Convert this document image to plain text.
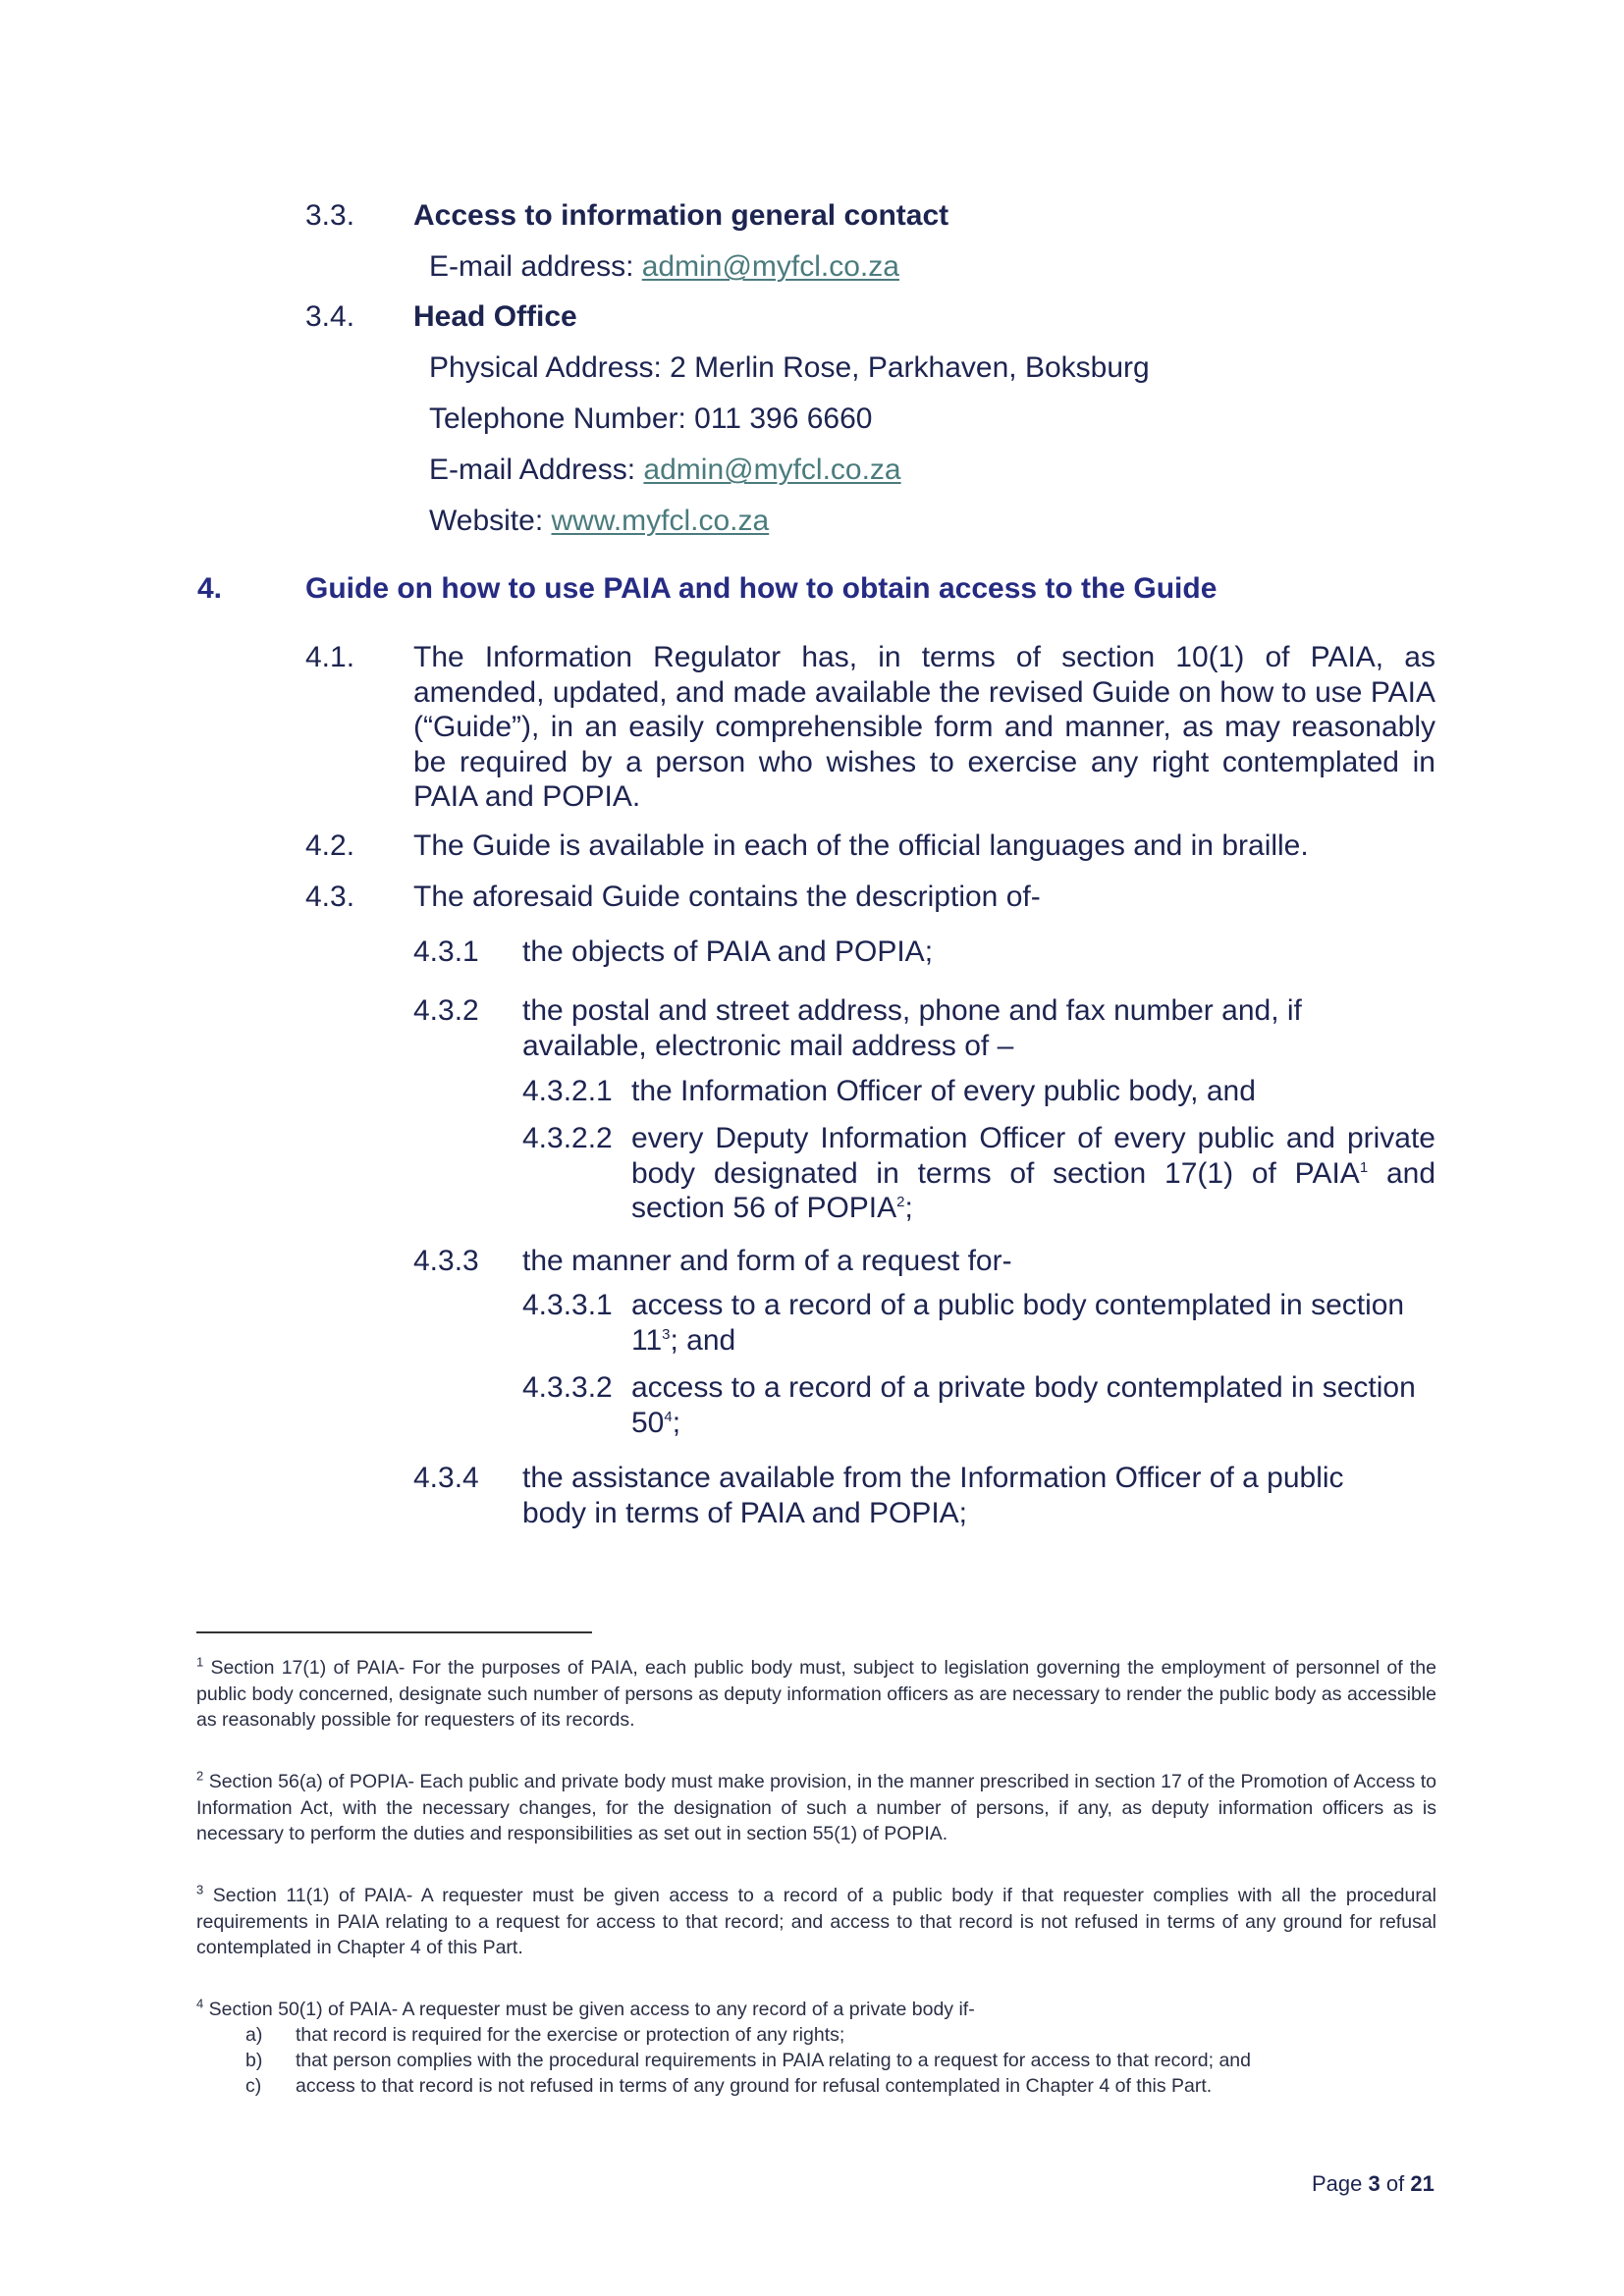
3.3. Access to information general contact
E-mail address: admin@myfcl.co.za
3.4. Head Office
Physical Address: 2 Merlin Rose, Parkhaven, Boksburg
Telephone Number: 011 396 6660
E-mail Address: admin@myfcl.co.za
Website: www.myfcl.co.za
4.	Guide on how to use PAIA and how to obtain access to the Guide
4.1. The Information Regulator has, in terms of section 10(1) of PAIA, as amended, updated, and made available the revised Guide on how to use PAIA (“Guide”), in an easily comprehensible form and manner, as may reasonably be required by a person who wishes to exercise any right contemplated in PAIA and POPIA.
4.2. The Guide is available in each of the official languages and in braille.
4.3. The aforesaid Guide contains the description of-
4.3.1 the objects of PAIA and POPIA;
4.3.2 the postal and street address, phone and fax number and, if
available, electronic mail address of –
4.3.2.1 the Information Officer of every public body, and
4.3.2.2 every Deputy Information Officer of every public and private body designated in terms of section 17(1) of PAIA$^1$ and section 56 of POPIA$^2$;
4.3.3 the manner and form of a request for-
4.3.3.1 access to a record of a public body contemplated in section
$11^3$; and
4.3.3.2 access to a record of a private body contemplated in section
$50^4$;
4.3.4 the assistance available from the Information Officer of a public
body in terms of PAIA and POPIA;
$^1$ Section 17(1) of PAIA- For the purposes of PAIA, each public body must, subject to legislation governing the employment of personnel of the public body concerned, designate such number of persons as deputy information officers as are necessary to render the public body as accessible as reasonably possible for requesters of its records.
$^2$ Section 56(a) of POPIA- Each public and private body must make provision, in the manner prescribed in section 17 of the Promotion of Access to Information Act, with the necessary changes, for the designation of such a number of persons, if any, as deputy information officers as is necessary to perform the duties and responsibilities as set out in section 55(1) of POPIA.
$^3$ Section 11(1) of PAIA- A requester must be given access to a record of a public body if that requester complies with all the procedural requirements in PAIA relating to a request for access to that record; and access to that record is not refused in terms of any ground for refusal contemplated in Chapter 4 of this Part.
$^4$ Section 50(1) of PAIA- A requester must be given access to any record of a private body if-
a) that record is required for the exercise or protection of any rights;
b) that person complies with the procedural requirements in PAIA relating to a request for access to that record; and
c) access to that record is not refused in terms of any ground for refusal contemplated in Chapter 4 of this Part.
Page 3 of 21
